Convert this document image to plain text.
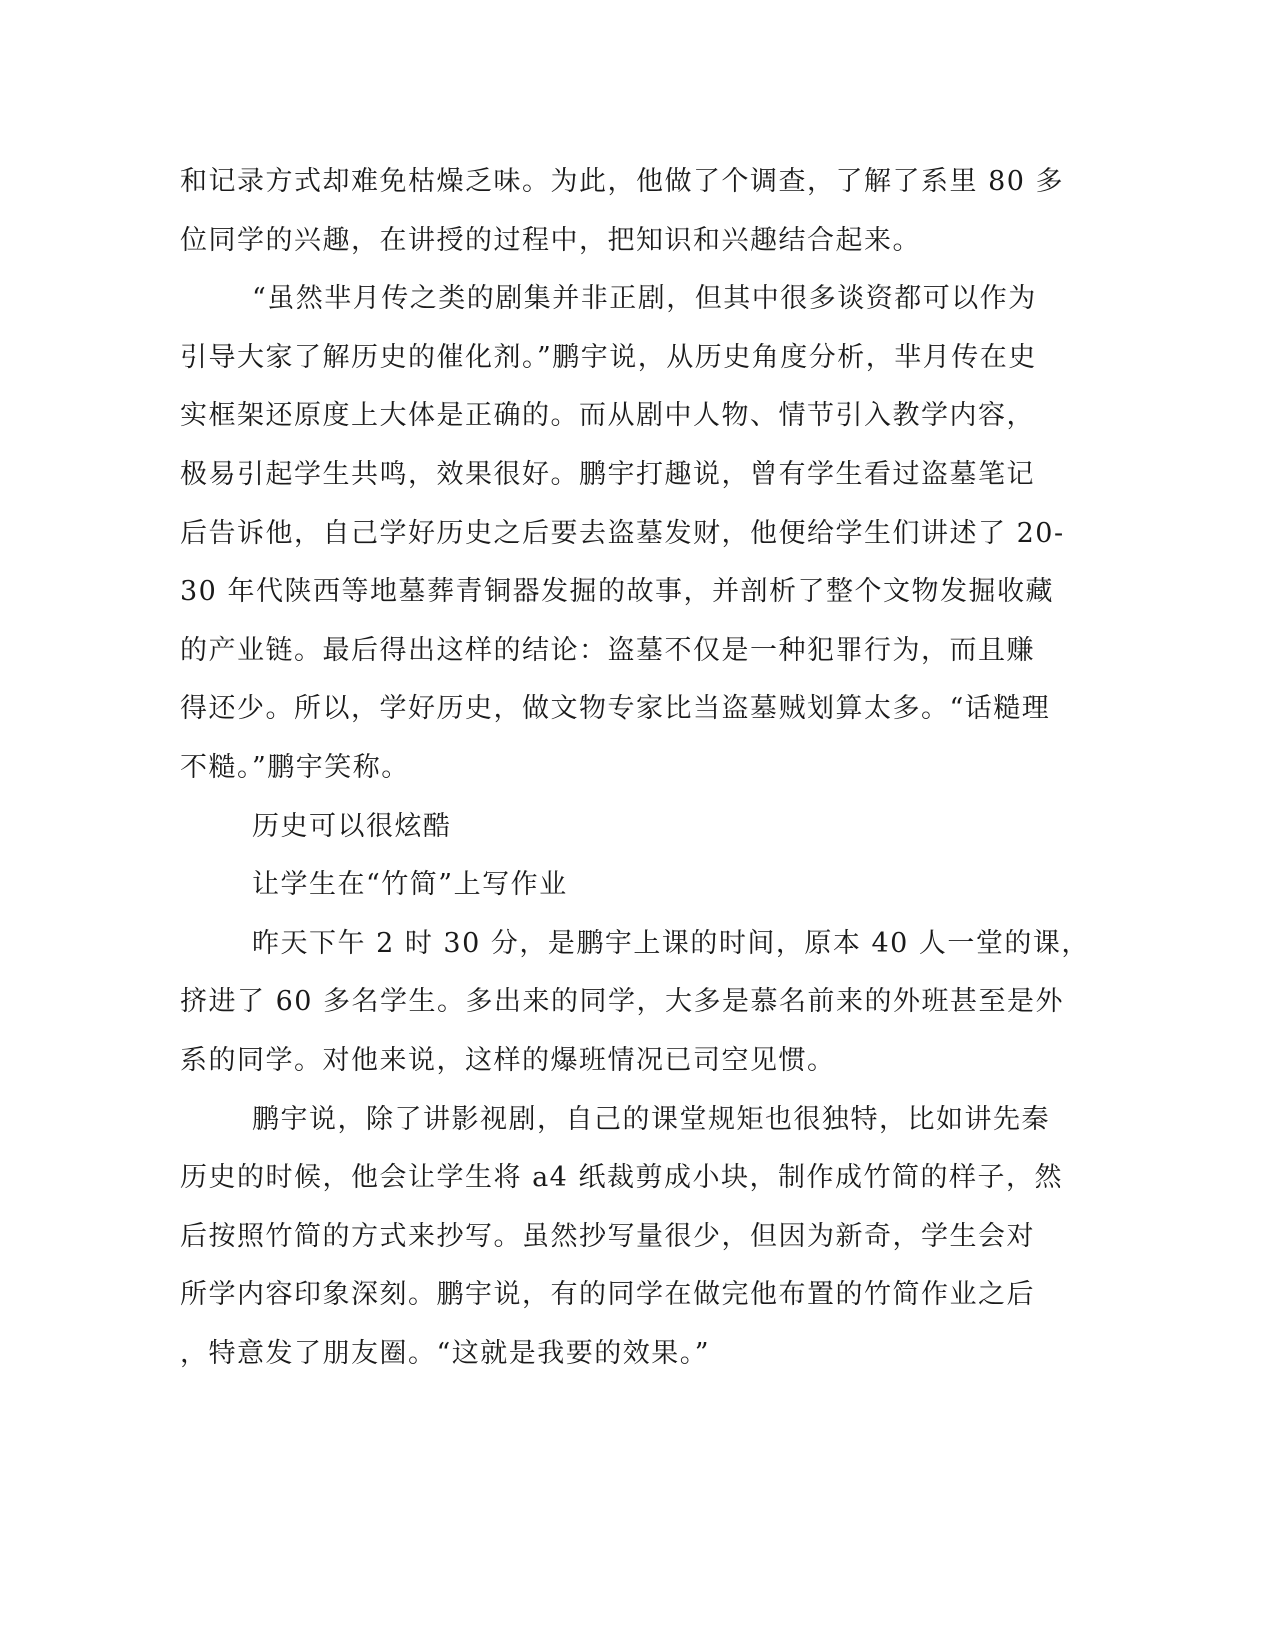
和记录方式却难免枯燥乏味。为此，他做了个调查，了解了系里 80 多
位同学的兴趣，在讲授的过程中，把知识和兴趣结合起来。
“虽然芈月传之类的剧集并非正剧，但其中很多谈资都可以作为
引导大家了解历史的催化剂。”鹏宇说，从历史角度分析，芈月传在史
实框架还原度上大体是正确的。而从剧中人物、情节引入教学内容，
极易引起学生共鸣，效果很好。鹏宇打趣说，曾有学生看过盗墓笔记
后告诉他，自己学好历史之后要去盗墓发财，他便给学生们讲述了 20-
30 年代陕西等地墓葬青铜器发掘的故事，并剖析了整个文物发掘收藏
的产业链。最后得出这样的结论：盗墓不仅是一种犯罪行为，而且赚
得还少。所以，学好历史，做文物专家比当盗墓贼划算太多。“话糙理
不糙。”鹏宇笑称。
历史可以很炫酷
让学生在“竹简”上写作业
昨天下午 2 时 30 分，是鹏宇上课的时间，原本 40 人一堂的课，
挤进了 60 多名学生。多出来的同学，大多是慕名前来的外班甚至是外
系的同学。对他来说，这样的爆班情况已司空见惯。
鹏宇说，除了讲影视剧，自己的课堂规矩也很独特，比如讲先秦
历史的时候，他会让学生将 a4 纸裁剪成小块，制作成竹简的样子，然
后按照竹简的方式来抄写。虽然抄写量很少，但因为新奇，学生会对
所学内容印象深刻。鹏宇说，有的同学在做完他布置的竹简作业之后
，特意发了朋友圈。“这就是我要的效果。”
